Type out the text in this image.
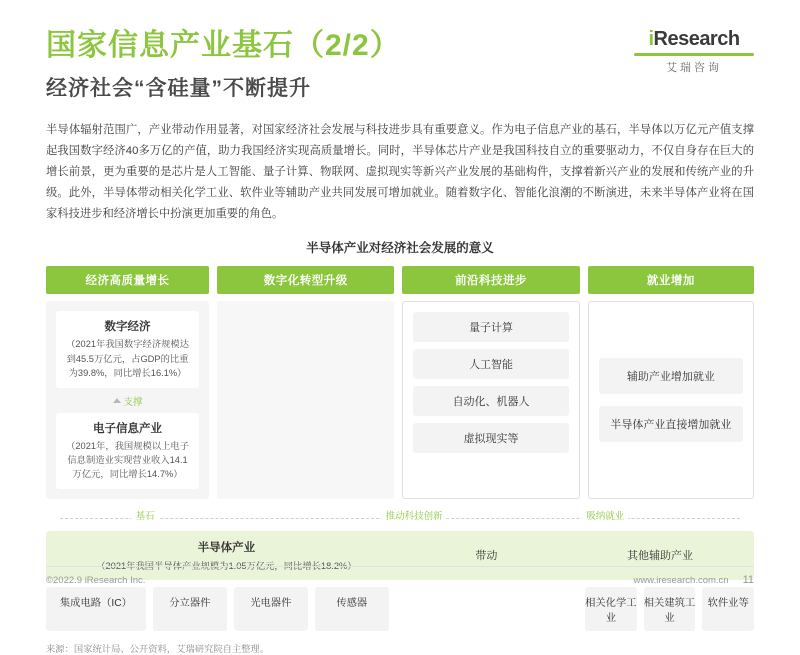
国家信息产业基石（2/2）
经济社会“含硅量”不断提升
iResearch
艾瑞咨询
半导体辐射范围广，产业带动作用显著，对国家经济社会发展与科技进步具有重要意义。作为电子信息产业的基石，半导体以万亿元产值支撑起我国数字经济40多万亿的产值，助力我国经济实现高质量增长。同时，半导体芯片产业是我国科技自立的重要驱动力，不仅自身存在巨大的增长前景，更为重要的是芯片是人工智能、量子计算、物联网、虚拟现实等新兴产业发展的基础构件，支撑着新兴产业的发展和传统产业的升级。此外，半导体带动相关化学工业、软件业等辅助产业共同发展可增加就业。随着数字化、智能化浪潮的不断演进，未来半导体产业将在国家科技进步和经济增长中扮演更加重要的角色。
半导体产业对经济社会发展的意义
经济高质量增长
数字经济
（2021年我国数字经济规模达到45.5万亿元，占GDP的比重为39.8%，同比增长16.1%）
支撑
电子信息产业
（2021年，我国规模以上电子信息制造业实现营业收入14.1万亿元，同比增长14.7%）
数字化转型升级	前沿科技进步
量子计算
人工智能
自动化、机器人
虚拟现实等
就业增加
辅助产业增加就业
半导体产业直接增加就业
基石	推动科技创新	吸纳就业
半导体产业
（2021年我国半导体产业规模为1.05万亿元，同比增长18.2%）
带动	其他辅助产业
集成电路（IC）	分立器件	光电器件	传感器	相关化学工业
相关建筑工业
软件业等
来源：国家统计局、公开资料，艾瑞研究院自主整理。
©2022.9 iResearch Inc.	www.iresearch.com.cn 11
